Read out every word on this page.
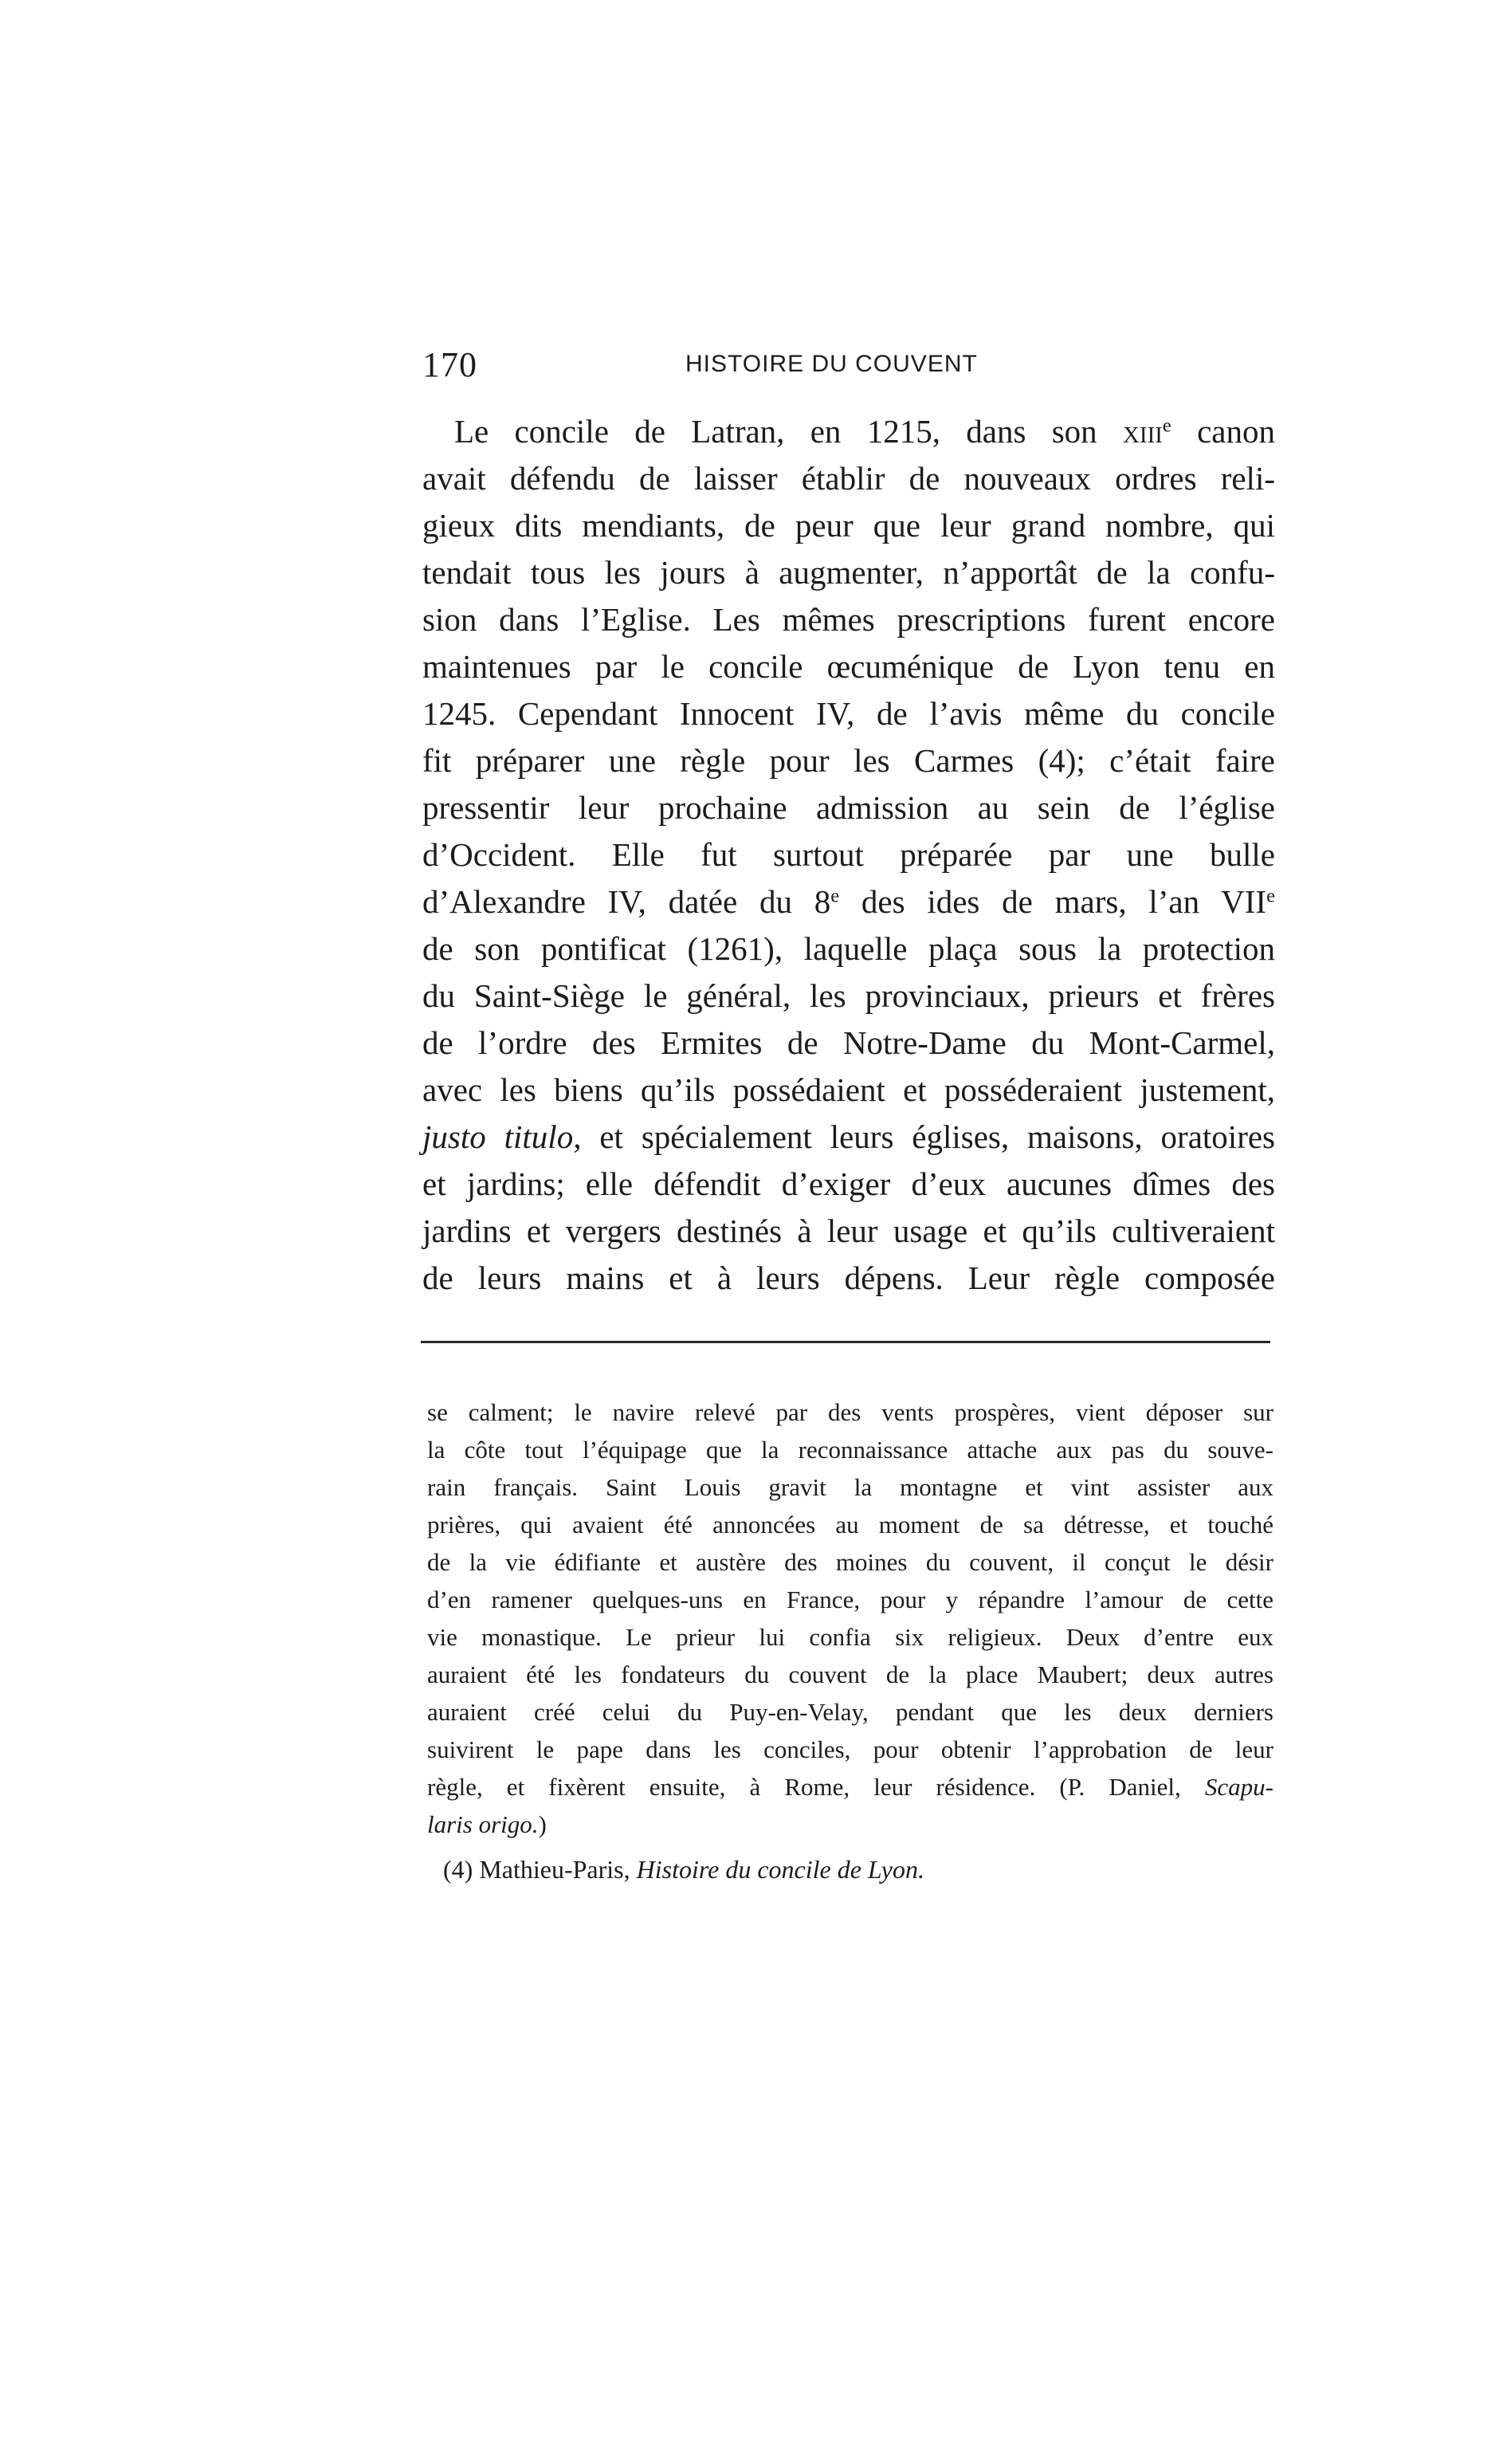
170	HISTOIRE DU COUVENT
Le concile de Latran, en 1215, dans son xiii$^e$ canon
avait défendu de laisser établir de nouveaux ordres reli-
gieux dits mendiants, de peur que leur grand nombre, qui
tendait tous les jours à augmenter, n’apportât de la confu-
sion dans l’Eglise. Les mêmes prescriptions furent encore
maintenues par le concile œcuménique de Lyon tenu en
1245. Cependant Innocent IV, de l’avis même du concile
fit préparer une règle pour les Carmes (4); c’était faire
pressentir leur prochaine admission au sein de l’église
d’Occident. Elle fut surtout préparée par une bulle
d’Alexandre IV, datée du 8e des ides de mars, l’an VIIe
de son pontificat (1261), laquelle plaça sous la protection
du Saint-Siège le général, les provinciaux, prieurs et frères
de l’ordre des Ermites de Notre-Dame du Mont-Carmel,
avec les biens qu’ils possédaient et posséderaient justement,
justo titulo, et spécialement leurs églises, maisons, oratoires
et jardins; elle défendit d’exiger d’eux aucunes dîmes des
jardins et vergers destinés à leur usage et qu’ils cultiveraient
de leurs mains et à leurs dépens. Leur règle composée
se calment; le navire relevé par des vents prospères, vient déposer sur
la côte tout l’équipage que la reconnaissance attache aux pas du souve-
rain français. Saint Louis gravit la montagne et vint assister aux
prières, qui avaient été annoncées au moment de sa détresse, et touché
de la vie édifiante et austère des moines du couvent, il conçut le désir
d’en ramener quelques-uns en France, pour y répandre l’amour de cette
vie monastique. Le prieur lui confia six religieux. Deux d’entre eux
auraient été les fondateurs du couvent de la place Maubert; deux autres
auraient créé celui du Puy-en-Velay, pendant que les deux derniers
suivirent le pape dans les conciles, pour obtenir l’approbation de leur
règle, et fixèrent ensuite, à Rome, leur résidence. (P. Daniel, Scapu-
laris origo.)
(4) Mathieu-Paris, Histoire du concile de Lyon.
